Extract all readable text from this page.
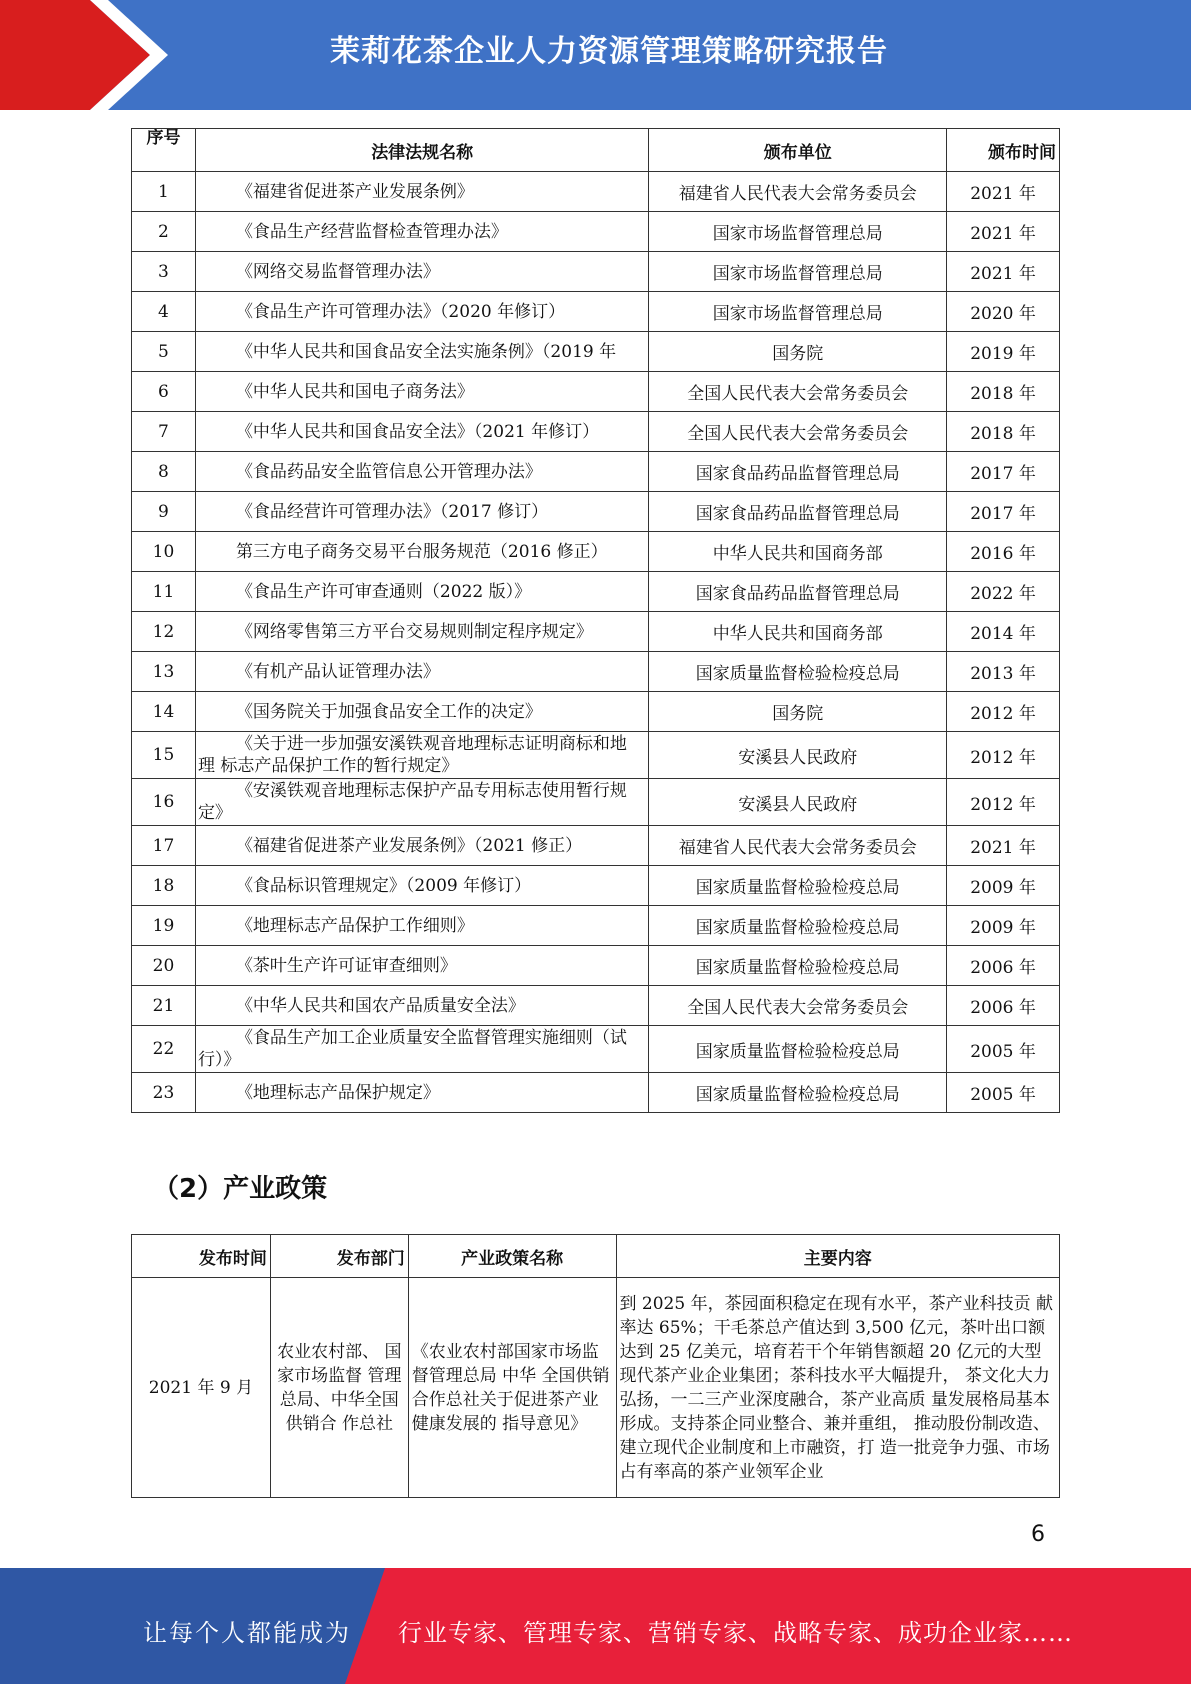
茉莉花茶企业人力资源管理策略研究报告
序号	法律法规名称	颁布单位	颁布时间
1	《福建省促进茶产业发展条例》	福建省人民代表大会常务委员会	2021 年
2	《食品生产经营监督检查管理办法》	国家市场监督管理总局	2021 年
3	《网络交易监督管理办法》	国家市场监督管理总局	2021 年
4	《食品生产许可管理办法》（2020 年修订）	国家市场监督管理总局	2020 年
5	《中华人民共和国食品安全法实施条例》（2019 年	国务院	2019 年
6	《中华人民共和国电子商务法》	全国人民代表大会常务委员会	2018 年
7	《中华人民共和国食品安全法》（2021 年修订）	全国人民代表大会常务委员会	2018 年
8	《食品药品安全监管信息公开管理办法》	国家食品药品监督管理总局	2017 年
9	《食品经营许可管理办法》（2017 修订）	国家食品药品监督管理总局	2017 年
10	第三方电子商务交易平台服务规范（2016 修正）	中华人民共和国商务部	2016 年
11	《食品生产许可审查通则（2022 版）》	国家食品药品监督管理总局	2022 年
12	《网络零售第三方平台交易规则制定程序规定》	中华人民共和国商务部	2014 年
13	《有机产品认证管理办法》	国家质量监督检验检疫总局	2013 年
14	《国务院关于加强食品安全工作的决定》	国务院	2012 年
15	《关于进一步加强安溪铁观音地理标志证明商标和地
理 标志产品保护工作的暂行规定》	安溪县人民政府	2012 年
16	《安溪铁观音地理标志保护产品专用标志使用暂行规
定》	安溪县人民政府	2012 年
17	《福建省促进茶产业发展条例》（2021 修正）	福建省人民代表大会常务委员会	2021 年
18	《食品标识管理规定》（2009 年修订）	国家质量监督检验检疫总局	2009 年
19	《地理标志产品保护工作细则》	国家质量监督检验检疫总局	2009 年
20	《茶叶生产许可证审查细则》	国家质量监督检验检疫总局	2006 年
21	《中华人民共和国农产品质量安全法》	全国人民代表大会常务委员会	2006 年
22	《食品生产加工企业质量安全监督管理实施细则（试
行）》	国家质量监督检验检疫总局	2005 年
23	《地理标志产品保护规定》	国家质量监督检验检疫总局	2005 年
（2）产业政策
发布时间	发布部门	产业政策名称	主要内容
2021 年 9 月	农业农村部、 国家市场监督 管理总局、中华全国供销合 作总社	《农业农村部国家市场监督管理总局 中华 全国供销合作总社关于促进茶产业健康发展的 指导意见》	到 2025 年，茶园面积稳定在现有水平，茶产业科技贡 献率达 65%；干毛茶总产值达到 3,500 亿元，茶叶出口额达到 25 亿美元，培育若干个年销售额超 20 亿元的大型现代茶产业企业集团；茶科技水平大幅提升， 茶文化大力弘扬，一二三产业深度融合，茶产业高质 量发展格局基本形成。支持茶企同业整合、兼并重组， 推动股份制改造、建立现代企业制度和上市融资，打 造一批竞争力强、市场占有率高的茶产业领军企业
6
让每个人都能成为 行业专家、管理专家、营销专家、战略专家、成功企业家……
